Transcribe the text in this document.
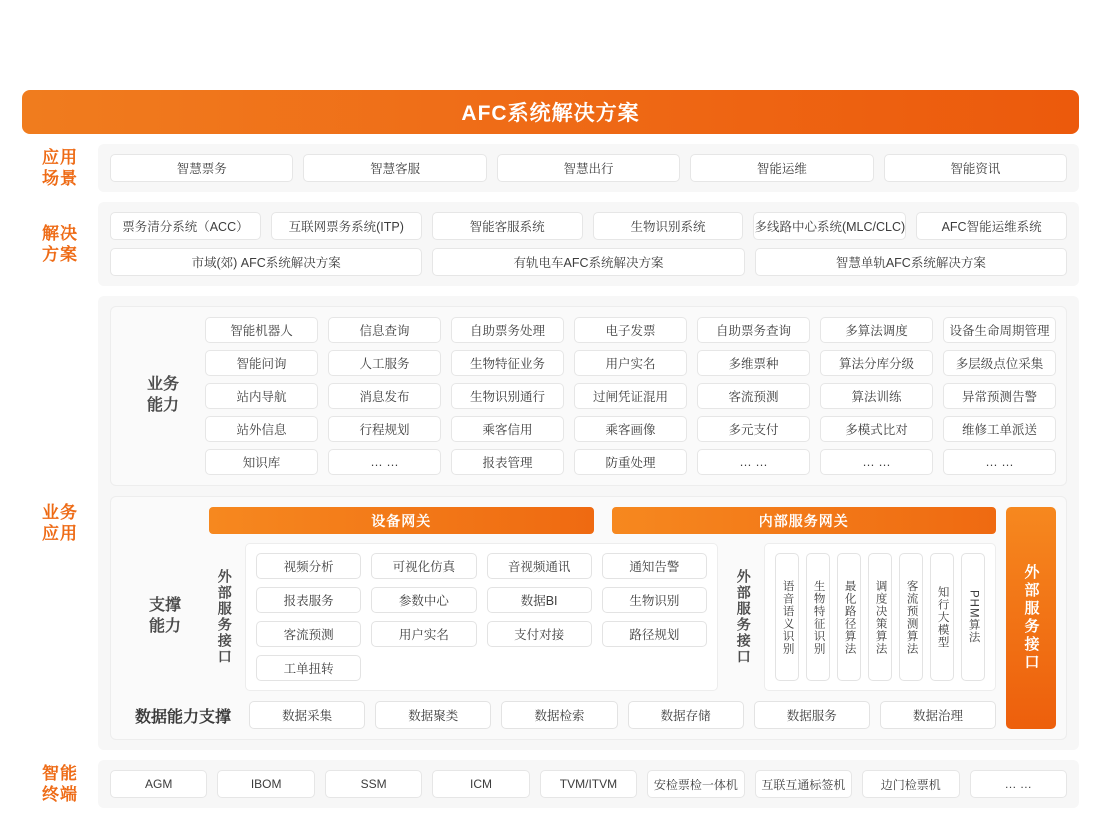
AFC系统解决方案
应用
场景	智慧票务	智慧客服	智慧出行	智能运维	智能资讯
解决
方案
票务清分系统（ACC）	互联网票务系统(ITP)	智能客服系统	生物识别系统	多线路中心系统(MLC/CLC)	AFC智能运维系统
市域(郊) AFC系统解决方案	有轨电车AFC系统解决方案	智慧单轨AFC系统解决方案
业务
应用
业务
能力
智能机器人	信息查询	自助票务处理	电子发票	自助票务查询	多算法调度	设备生命周期管理
智能问询	人工服务	生物特征业务	用户实名	多维票种	算法分库分级	多层级点位采集
站内导航	消息发布	生物识别通行	过闸凭证混用	客流预测	算法训练	异常预测告警
站外信息	行程规划	乘客信用	乘客画像	多元支付	多模式比对	维修工单派送
知识库	… …	报表管理	防重处理	… …	… …	… …
设备网关	内部服务网关
支撑
能力	外部服务接口
视频分析	可视化仿真	音视频通讯	通知告警
报表服务	参数中心	数据BI	生物识别
客流预测	用户实名	支付对接	路径规划
工单扭转
外部服务接口	语音语义识别	生物特征识别	最化路径算法	调度决策算法	客流预测算法	知行大模型	PHM算法
数据能力支撑	数据采集	数据聚类	数据检索	数据存储	数据服务	数据治理
外部服务接口
智能
终端
AGM	IBOM	SSM	ICM	TVM/ITVM	安检票检一体机	互联互通标签机	边门检票机	… …
